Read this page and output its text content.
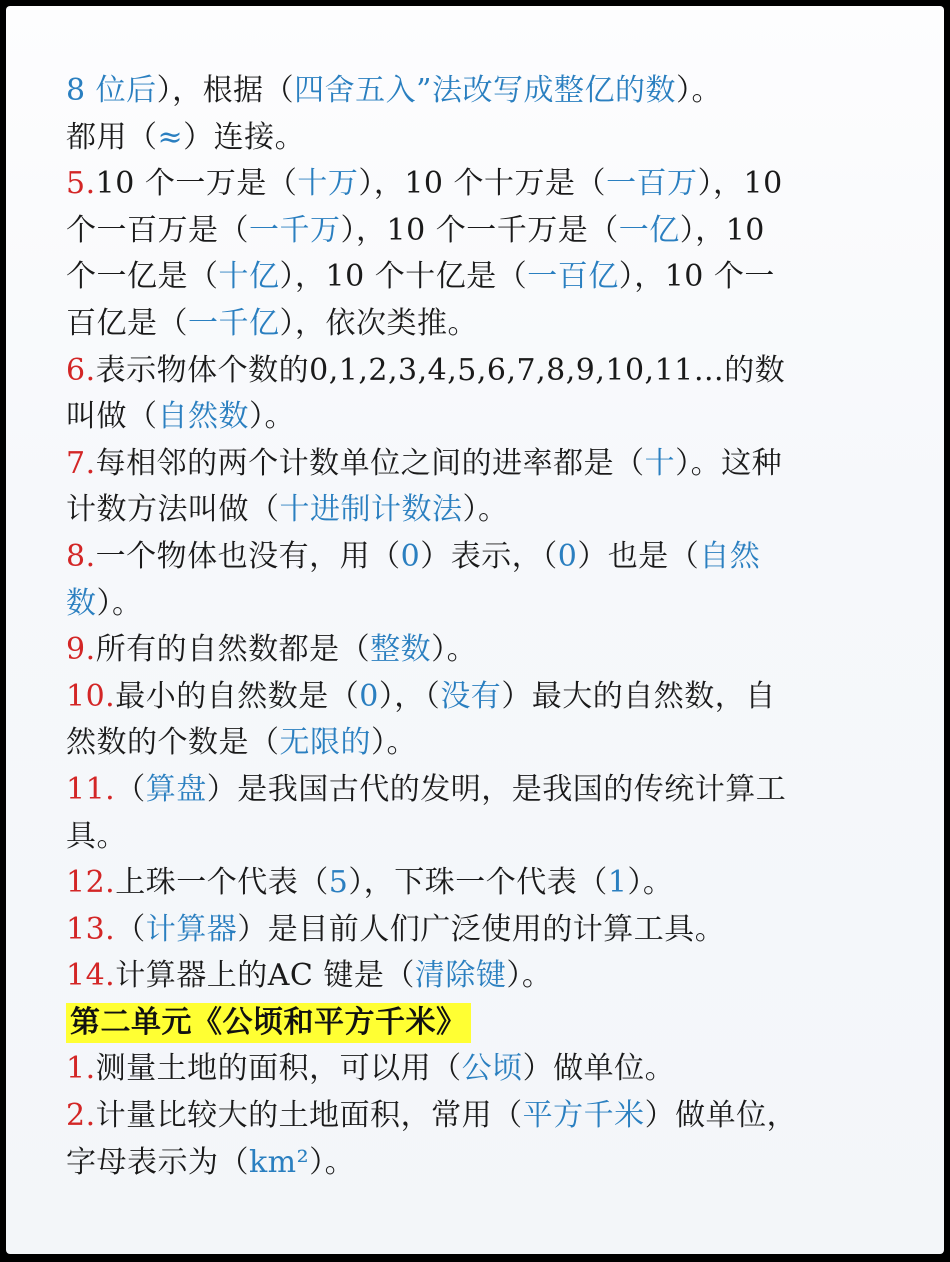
8 位后），根据（四舍五入”法改写成整亿的数）。
都用（≈）连接。
5.10 个一万是（十万），10 个十万是（一百万），10
个一百万是（一千万），10 个一千万是（一亿），10
个一亿是（十亿），10 个十亿是（一百亿），10 个一
百亿是（一千亿），依次类推。
6.表示物体个数的0,1,2,3,4,5,6,7,8,9,10,11…的数
叫做（自然数）。
7.每相邻的两个计数单位之间的进率都是（十）。这种
计数方法叫做（十进制计数法）。
8.一个物体也没有，用（0）表示，（0）也是（自然
数）。
9.所有的自然数都是（整数）。
10.最小的自然数是（0），（没有）最大的自然数，自
然数的个数是（无限的）。
11.（算盘）是我国古代的发明，是我国的传统计算工
具。
12.上珠一个代表（5），下珠一个代表（1）。
13.（计算器）是目前人们广泛使用的计算工具。
14.计算器上的AC 键是（清除键）。
第二单元《公顷和平方千米》
1.测量土地的面积，可以用（公顷）做单位。
2.计量比较大的土地面积，常用（平方千米）做单位，
字母表示为（km²）。
